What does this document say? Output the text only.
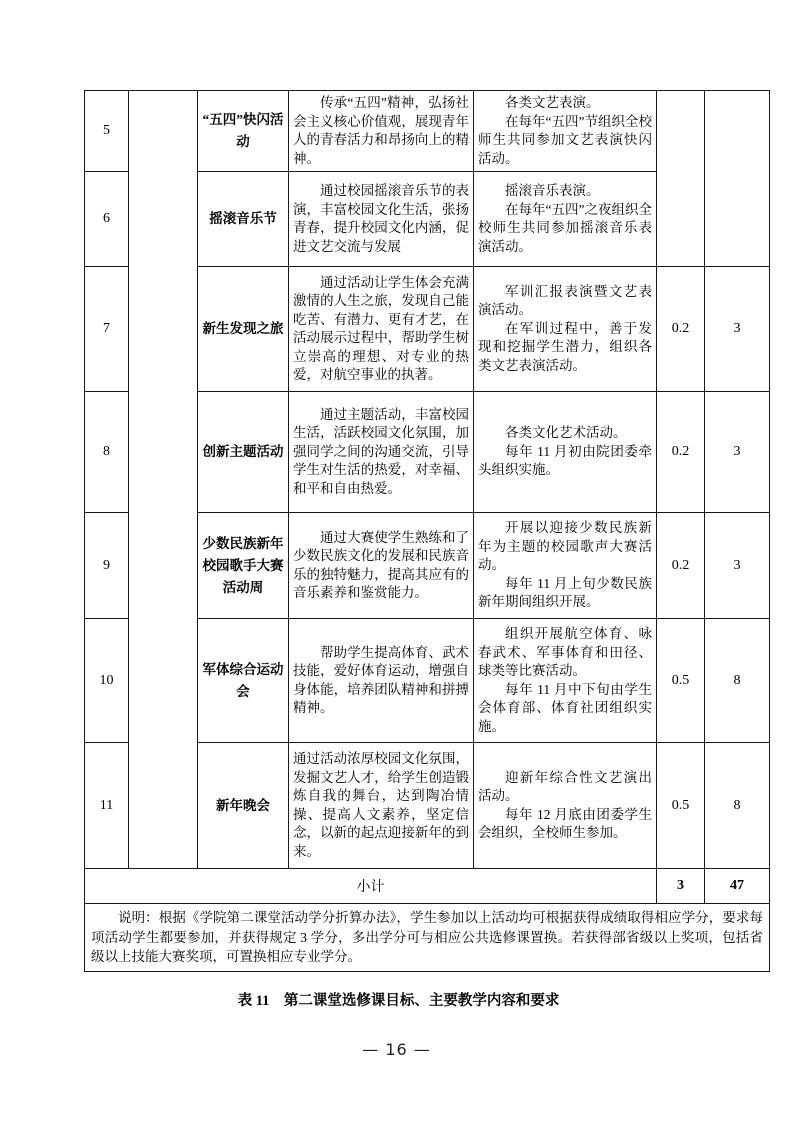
5		“五四”快闪活动	传承“五四”精神，弘扬社会主义核心价值观，展现青年人的青春活力和昂扬向上的精神。	各类文艺表演。

在每年“五四”节组织全校师生共同参加文艺表演快闪活动。		

6		摇滚音乐节	通过校园摇滚音乐节的表演，丰富校园文化生活，张扬青春，提升校园文化内涵，促进文艺交流与发展	摇滚音乐表演。

在每年“五四”之夜组织全校师生共同参加摇滚音乐表演活动。		

7		新生发现之旅	通过活动让学生体会充满激情的人生之旅，发现自己能吃苦、有潜力、更有才艺，在活动展示过程中，帮助学生树立崇高的理想、对专业的热爱，对航空事业的执著。	军训汇报表演暨文艺表演活动。

在军训过程中，善于发现和挖掘学生潜力，组织各类文艺表演活动。	0.2	3
8		创新主题活动	通过主题活动，丰富校园生活，活跃校园文化氛围，加强同学之间的沟通交流，引导学生对生活的热爱，对幸福、和平和自由热爱。	各类文化艺术活动。

每年 11 月初由院团委牵头组织实施。	0.2	3
9		少数民族新年校园歌手大赛活动周	通过大赛使学生熟练和了少数民族文化的发展和民族音乐的独特魅力，提高其应有的音乐素养和鉴赏能力。	开展以迎接少数民族新年为主题的校园歌声大赛活动。

每年 11 月上旬少数民族新年期间组织开展。	0.2	3
10		军体综合运动会	帮助学生提高体育、武术技能，爱好体育运动，增强自身体能，培养团队精神和拼搏精神。	组织开展航空体育、咏春武术、军事体育和田径、球类等比赛活动。

每年 11 月中下旬由学生会体育部、体育社团组织实施。	0.5	8
11		新年晚会	通过活动浓厚校园文化氛围，发掘文艺人才，给学生创造锻炼自我的舞台，达到陶冶情操、提高人文素养，坚定信念，以新的起点迎接新年的到来。	迎新年综合性文艺演出活动。

每年 12 月底由团委学生会组织，全校师生参加。	0.5	8
小计					3	47

说明：根据《学院第二课堂活动学分折算办法》，学生参加以上活动均可根据获得成绩取得相应学分，要求每项活动学生都要参加，并获得规定 3 学分，多出学分可与相应公共选修课置换。若获得部省级以上奖项，包括省级以上技能大赛奖项，可置换相应专业学分。						

表 11　第二课堂选修课目标、主要教学内容和要求
— 16 —
